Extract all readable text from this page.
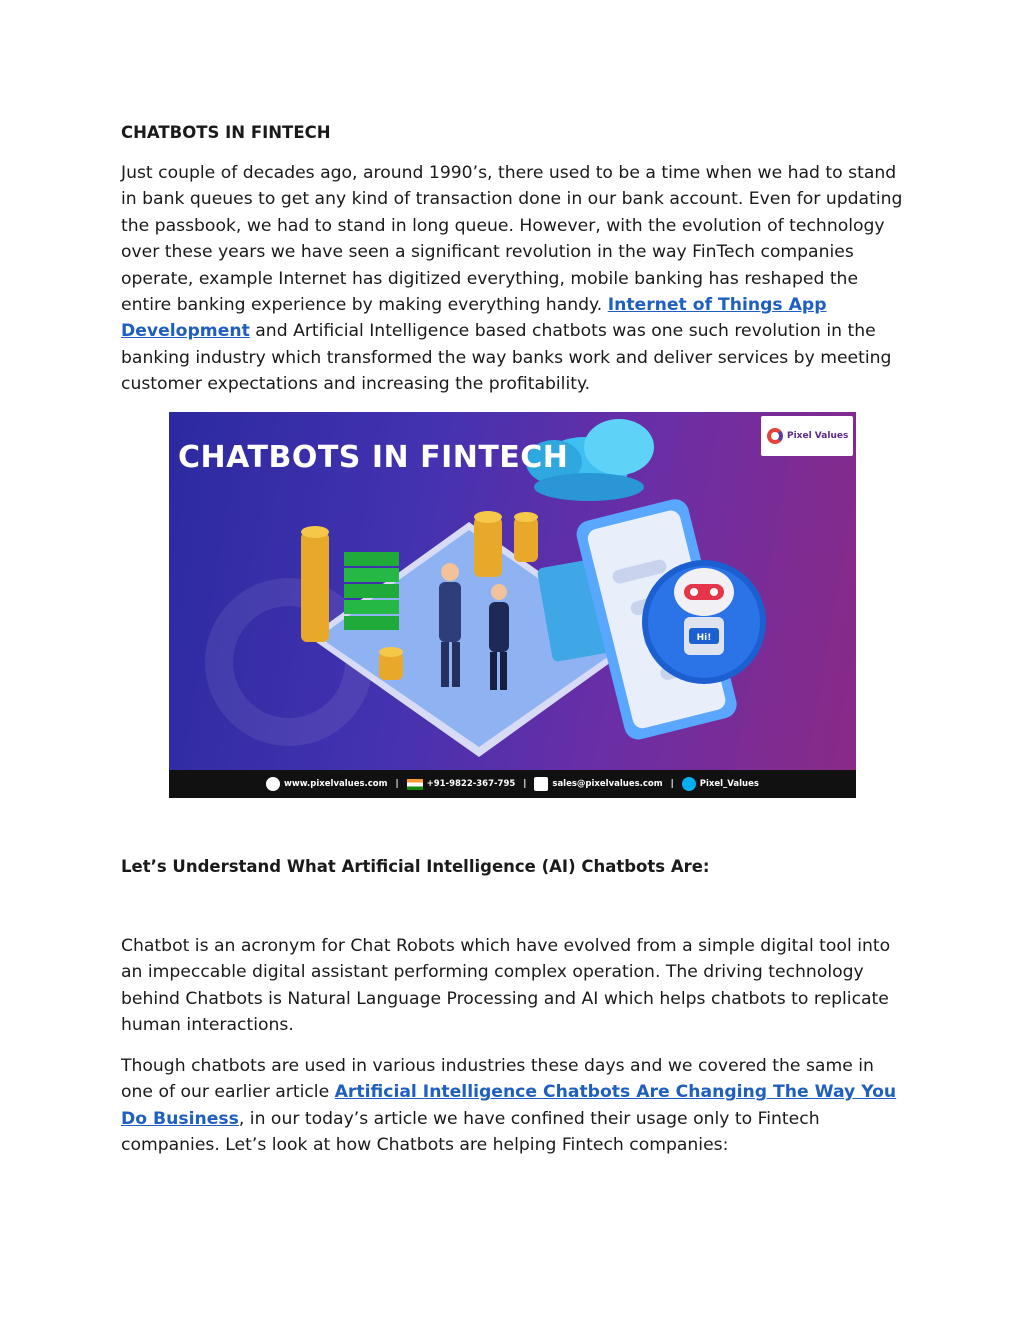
CHATBOTS IN FINTECH

Just couple of decades ago, around 1990’s, there used to be a time when we had to stand in bank queues to get any kind of transaction done in our bank account. Even for updating the passbook, we had to stand in long queue. However, with the evolution of technology over these years we have seen a significant revolution in the way FinTech companies operate, example Internet has digitized everything, mobile banking has reshaped the entire banking experience by making everything handy. Internet of Things App Development and Artificial Intelligence based chatbots was one such revolution in the banking industry which transformed the way banks work and deliver services by meeting customer expectations and increasing the profitability.

Hi!
CHATBOTS IN FINTECH
Pixel Values
www.pixelvalues.com |	+91-9822-367-795 |	sales@pixelvalues.com |	Pixel_Values
Let’s Understand What Artificial Intelligence (AI) Chatbots Are:

Chatbot is an acronym for Chat Robots which have evolved from a simple digital tool into an impeccable digital assistant performing complex operation. The driving technology behind Chatbots is Natural Language Processing and AI which helps chatbots to replicate human interactions.

Though chatbots are used in various industries these days and we covered the same in one of our earlier article Artificial Intelligence Chatbots Are Changing The Way You Do Business, in our today’s article we have confined their usage only to Fintech companies. Let’s look at how Chatbots are helping Fintech companies:
